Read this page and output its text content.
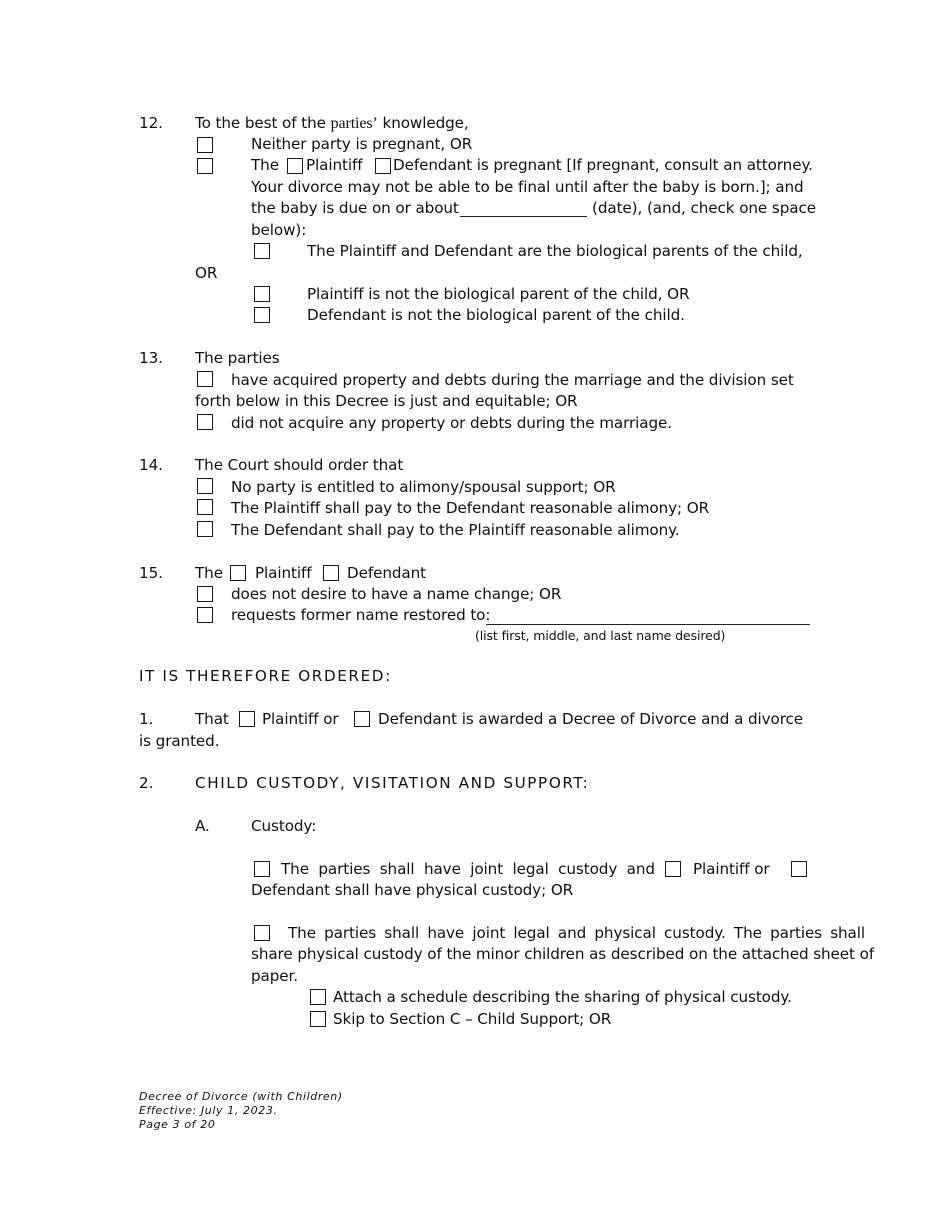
12. To the best of the parties’ knowledge,
Neither party is pregnant, OR
The Plaintiff Defendant is pregnant [If pregnant, consult an attorney.
Your divorce may not be able to be final until after the baby is born.]; and
the baby is due on or about	(date), (and, check one space
below):
The Plaintiff and Defendant are the biological parents of the child,
OR
Plaintiff is not the biological parent of the child, OR
Defendant is not the biological parent of the child.
13. The parties
have acquired property and debts during the marriage and the division set
forth below in this Decree is just and equitable; OR
did not acquire any property or debts during the marriage.
14. The Court should order that
No party is entitled to alimony/spousal support; OR
The Plaintiff shall pay to the Defendant reasonable alimony; OR
The Defendant shall pay to the Plaintiff reasonable alimony.
15. The Plaintiff Defendant
does not desire to have a name change; OR
requests former name restored to:
(list first, middle, and last name desired)
IT IS THEREFORE ORDERED:
1.	That Plaintiff or	Defendant is awarded a Decree of Divorce and a divorce
is granted.
2.	CHILD CUSTODY, VISITATION AND SUPPORT:
A.	Custody:
The parties shall have joint legal custody and	Plaintiff or
Defendant shall have physical custody; OR
The parties shall have joint legal and physical custody. The parties shall
share physical custody of the minor children as described on the attached sheet of
paper.
Attach a schedule describing the sharing of physical custody.
Skip to Section C – Child Support; OR
Decree of Divorce (with Children)
Effective: July 1, 2023.
Page 3 of 20
